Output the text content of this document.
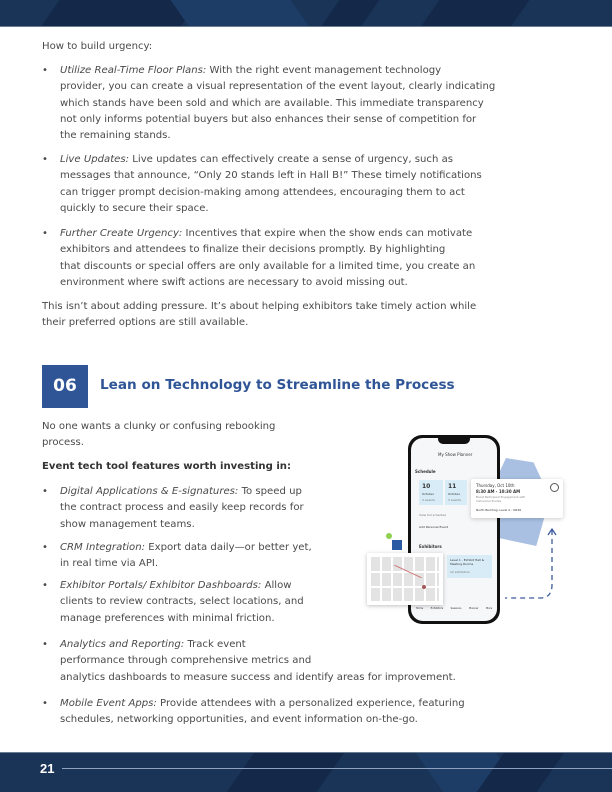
How to build urgency:
• Utilize Real-Time Floor Plans: With the right event management technology
provider, you can create a visual representation of the event layout, clearly indicating
which stands have been sold and which are available. This immediate transparency
not only informs potential buyers but also enhances their sense of competition for
the remaining stands.
• Live Updates: Live updates can effectively create a sense of urgency, such as
messages that announce, “Only 20 stands left in Hall B!” These timely notifications
can trigger prompt decision-making among attendees, encouraging them to act
quickly to secure their space.
• Further Create Urgency: Incentives that expire when the show ends can motivate
exhibitors and attendees to finalize their decisions promptly. By highlighting
that discounts or special offers are only available for a limited time, you create an
environment where swift actions are necessary to avoid missing out.
This isn’t about adding pressure. It’s about helping exhibitors take timely action while
their preferred options are still available.
No one wants a clunky or confusing rebooking
process.
Event tech tool features worth investing in:
• Digital Applications & E-signatures: To speed up
the contract process and easily keep records for
show management teams.
• CRM Integration: Export data daily—or better yet,
in real time via API.
• Exhibitor Portals/ Exhibitor Dashboards: Allow
clients to review contracts, select locations, and
manage preferences with minimal friction.
• Analytics and Reporting: Track event
performance through comprehensive metrics and
analytics dashboards to measure success and identify areas for improvement.
• Mobile Event Apps: Provide attendees with a personalized experience, featuring
schedules, networking opportunities, and event information on-the-go.
06	Lean on Technology to Streamline the Process
My Show Planner
Schedule
10
October
3 events
11
October
3 events
View full schedule
Add Personal Event
Exhibitors
Level 1 - Exhibit Hall & Meeting Rooms
12 exhibitors
Home	Exhibitors	Sessions	Planner	More
Thursday, Oct 10th
8:30 AM - 10:30 AM
Boost Participant Engagement with Immersive Events
North Building, Level 2 - N226
21
